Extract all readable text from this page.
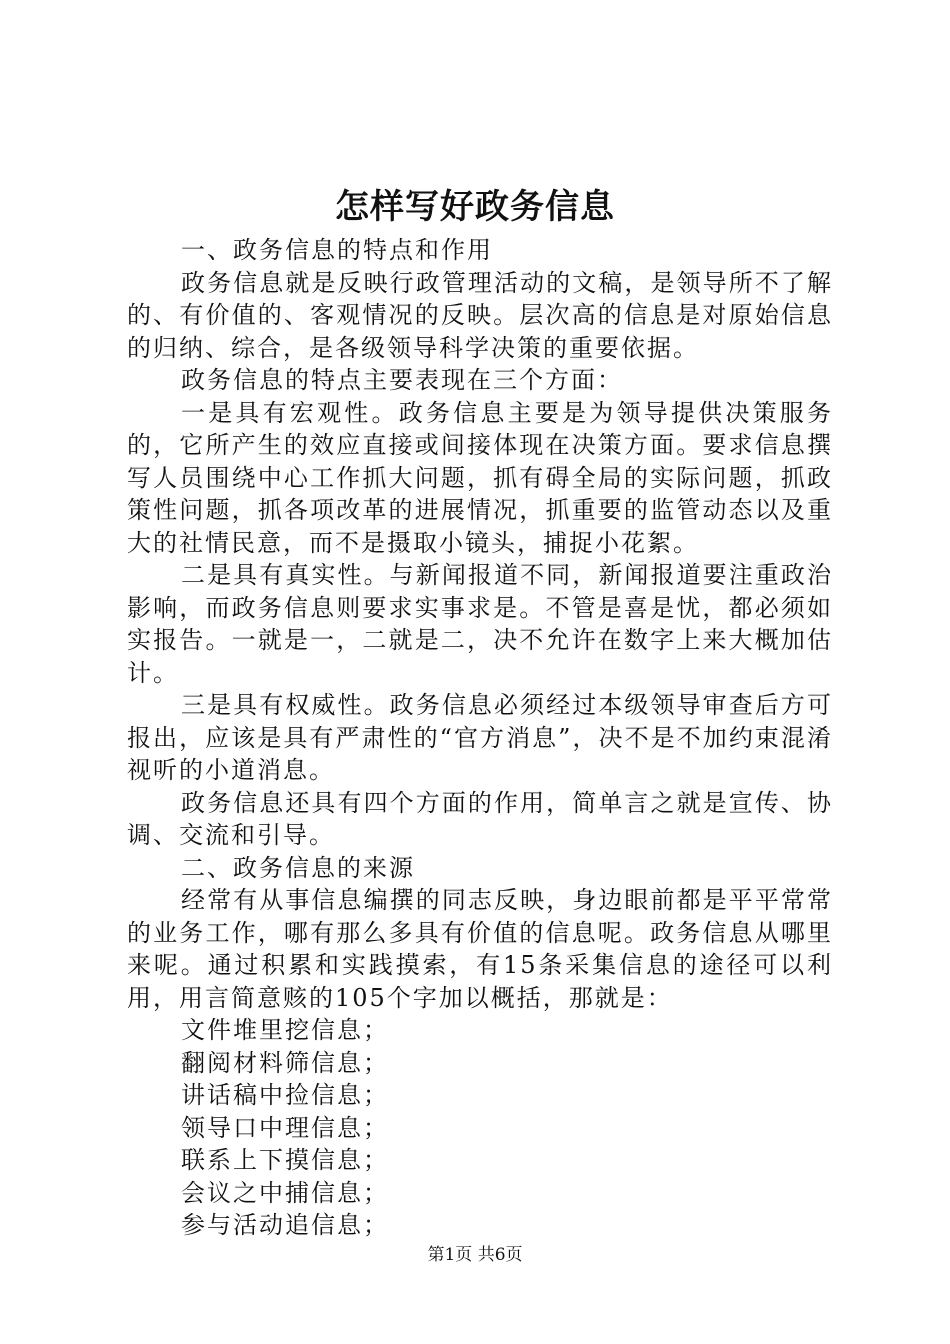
怎样写好政务信息

一、政务信息的特点和作用

政务信息就是反映行政管理活动的文稿，是领导所不了解的、有价值的、客观情况的反映。层次高的信息是对原始信息的归纳、综合，是各级领导科学决策的重要依据。

政务信息的特点主要表现在三个方面：

一是具有宏观性。政务信息主要是为领导提供决策服务的，它所产生的效应直接或间接体现在决策方面。要求信息撰写人员围绕中心工作抓大问题，抓有碍全局的实际问题，抓政策性问题，抓各项改革的进展情况，抓重要的监管动态以及重大的社情民意，而不是摄取小镜头，捕捉小花絮。

二是具有真实性。与新闻报道不同，新闻报道要注重政治影响，而政务信息则要求实事求是。不管是喜是忧，都必须如实报告。一就是一，二就是二，决不允许在数字上来大概加估计。

三是具有权威性。政务信息必须经过本级领导审查后方可报出，应该是具有严肃性的“官方消息”，决不是不加约束混淆视听的小道消息。

政务信息还具有四个方面的作用，简单言之就是宣传、协调、交流和引导。

二、政务信息的来源

经常有从事信息编撰的同志反映，身边眼前都是平平常常的业务工作，哪有那么多具有价值的信息呢。政务信息从哪里来呢。通过积累和实践摸索，有15条采集信息的途径可以利用，用言简意赅的105个字加以概括，那就是：

文件堆里挖信息；

翻阅材料筛信息；

讲话稿中捡信息；

领导口中理信息；

联系上下摸信息；

会议之中捕信息；

参与活动追信息；

第1页 共6页
